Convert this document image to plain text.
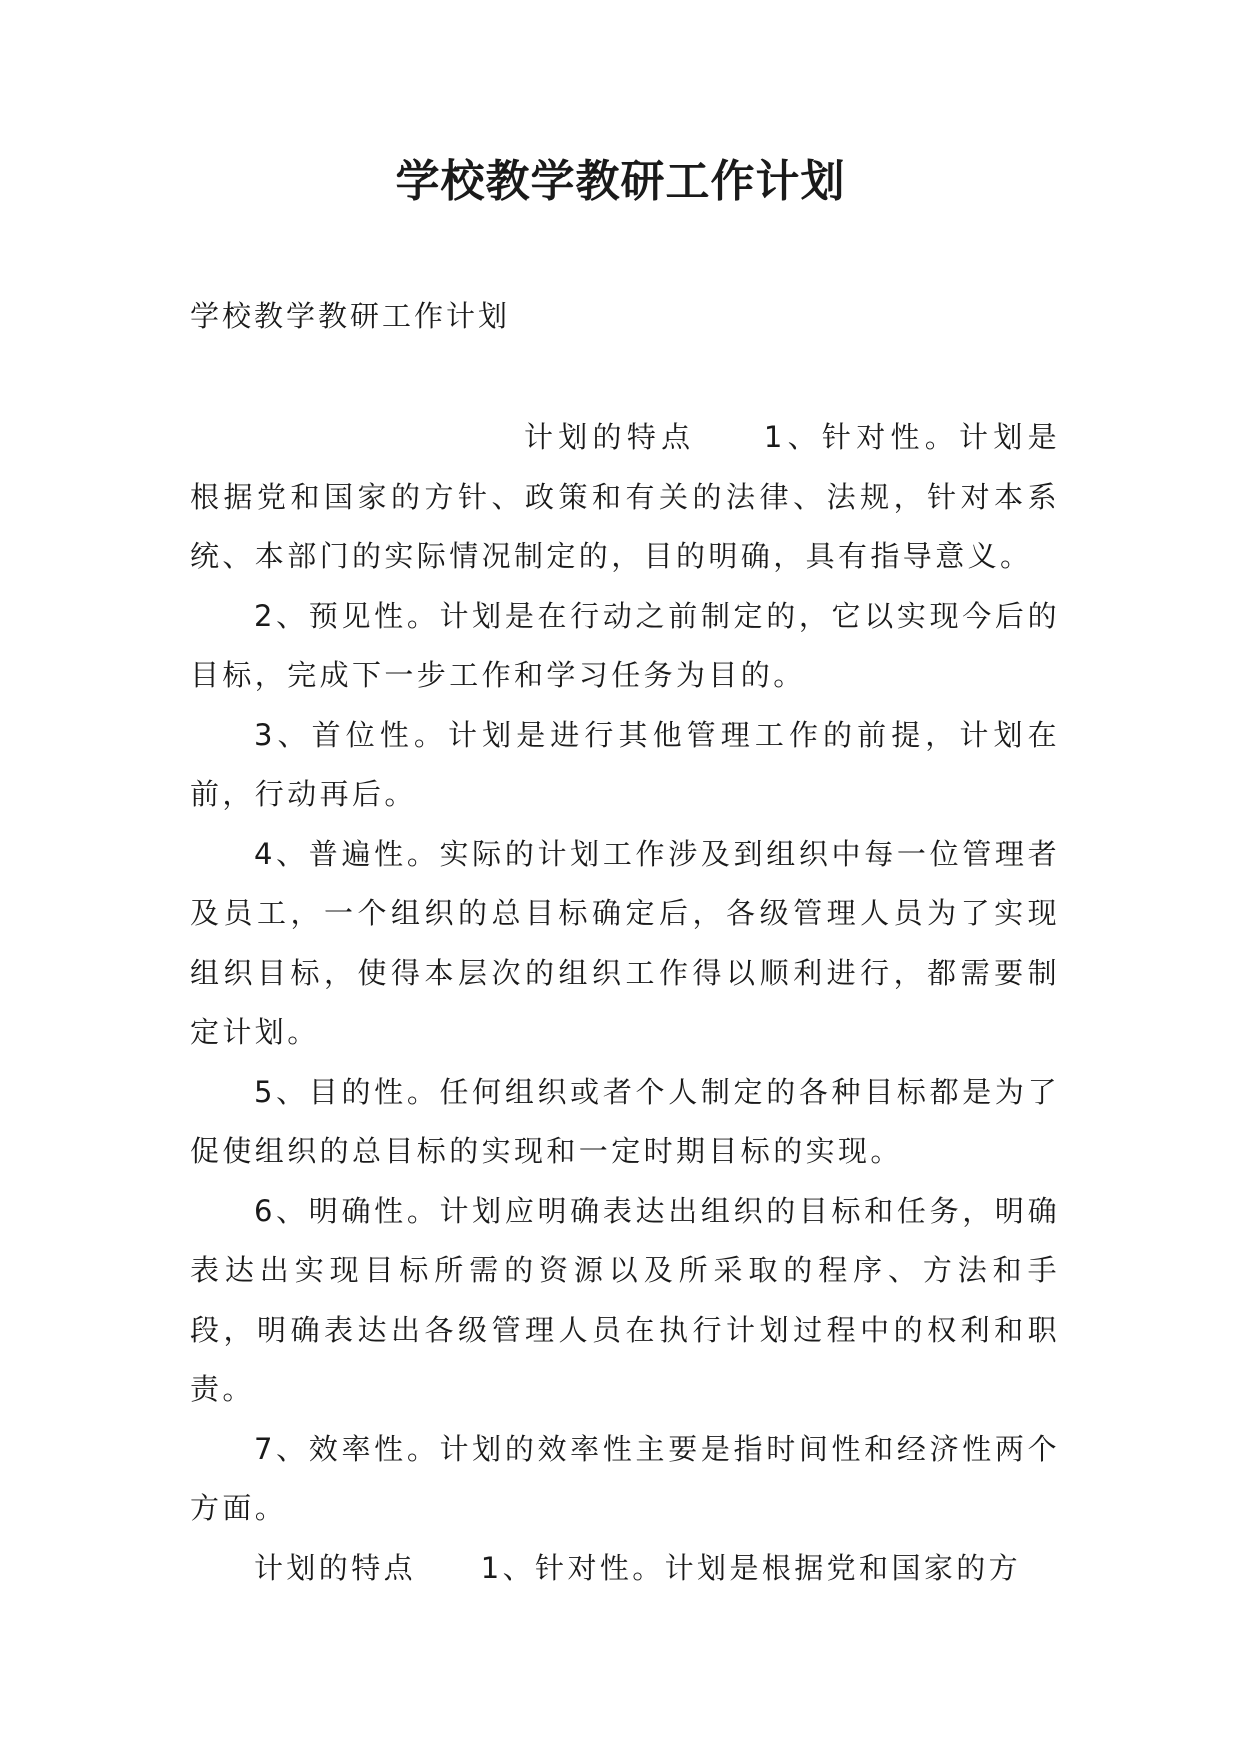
学校教学教研工作计划

学校教学教研工作计划

计划的特点　　1、针对性。计划是根据党和国家的方针、政策和有关的法律、法规，针对本系统、本部门的实际情况制定的，目的明确，具有指导意义。

2、预见性。计划是在行动之前制定的，它以实现今后的目标，完成下一步工作和学习任务为目的。

3、首位性。计划是进行其他管理工作的前提，计划在前，行动再后。

4、普遍性。实际的计划工作涉及到组织中每一位管理者及员工，一个组织的总目标确定后，各级管理人员为了实现组织目标，使得本层次的组织工作得以顺利进行，都需要制定计划。

5、目的性。任何组织或者个人制定的各种目标都是为了促使组织的总目标的实现和一定时期目标的实现。

6、明确性。计划应明确表达出组织的目标和任务，明确表达出实现目标所需的资源以及所采取的程序、方法和手段，明确表达出各级管理人员在执行计划过程中的权利和职责。

7、效率性。计划的效率性主要是指时间性和经济性两个方面。

计划的特点　　1、针对性。计划是根据党和国家的方
